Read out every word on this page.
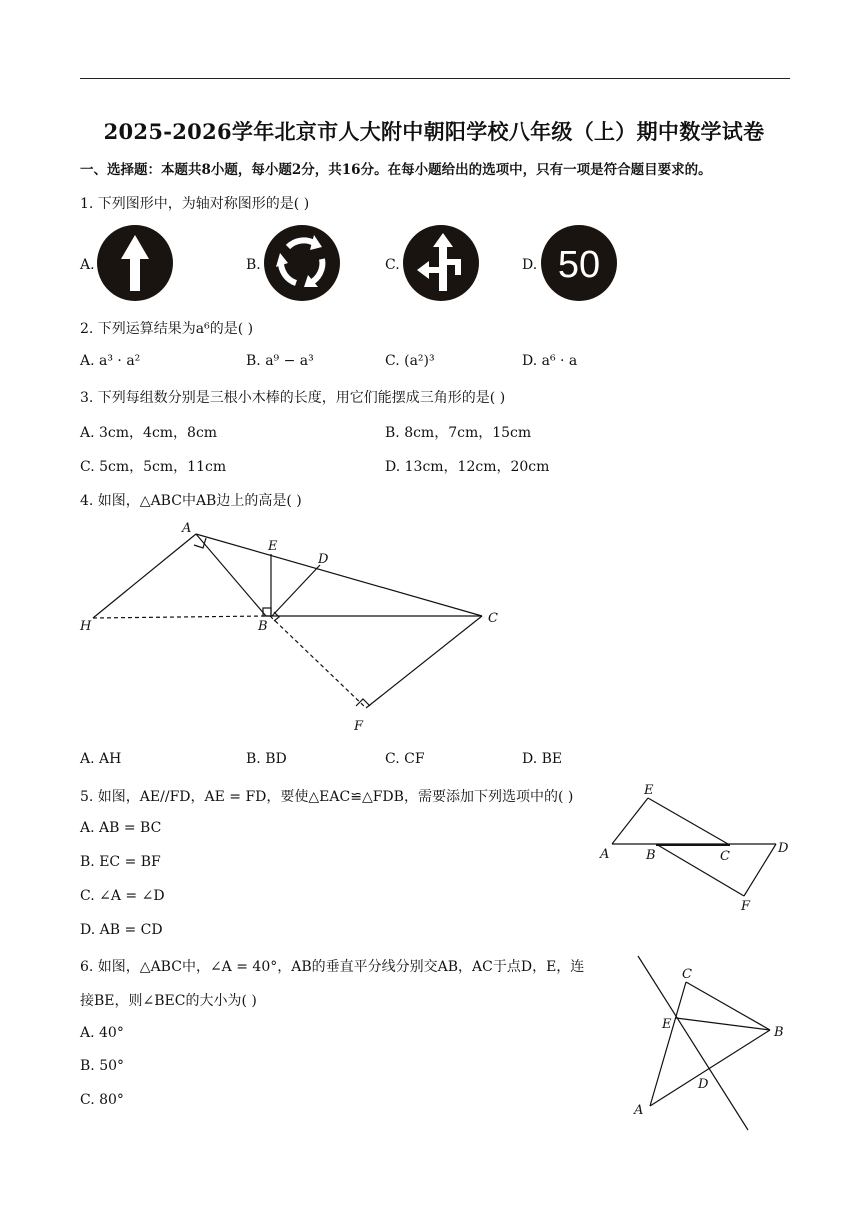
2025-2026学年北京市人大附中朝阳学校八年级（上）期中数学试卷
一、选择题：本题共8小题，每小题2分，共16分。在每小题给出的选项中，只有一项是符合题目要求的。
1. 下列图形中，为轴对称图形的是( )
A.	B.	C.	D. 50
2. 下列运算结果为a⁶的是( )
A. a³ · a²	B. a⁹ − a³	C. (a²)³	D. a⁶ · a
3. 下列每组数分别是三根小木棒的长度，用它们能摆成三角形的是( )
A. 3cm，4cm，8cm	B. 8cm，7cm，15cm
C. 5cm，5cm，11cm	D. 13cm，12cm，20cm
4. 如图，△ABC中AB边上的高是( )
A
E
D
H	B
C
F
A. AH	B. BD	C. CF	D. BE
5. 如图，AE//FD，AE = FD，要使△EAC≌△FDB，需要添加下列选项中的( )
A. AB = BC
B. EC = BF
C. ∠A = ∠D
D. AB = CD
E
A	B	C
D
F
6. 如图，△ABC中，∠A = 40°，AB的垂直平分线分别交AB，AC于点D，E，连
接BE，则∠BEC的大小为( )
A. 40°
B. 50°
C. 80°
C
E
B
D
A
